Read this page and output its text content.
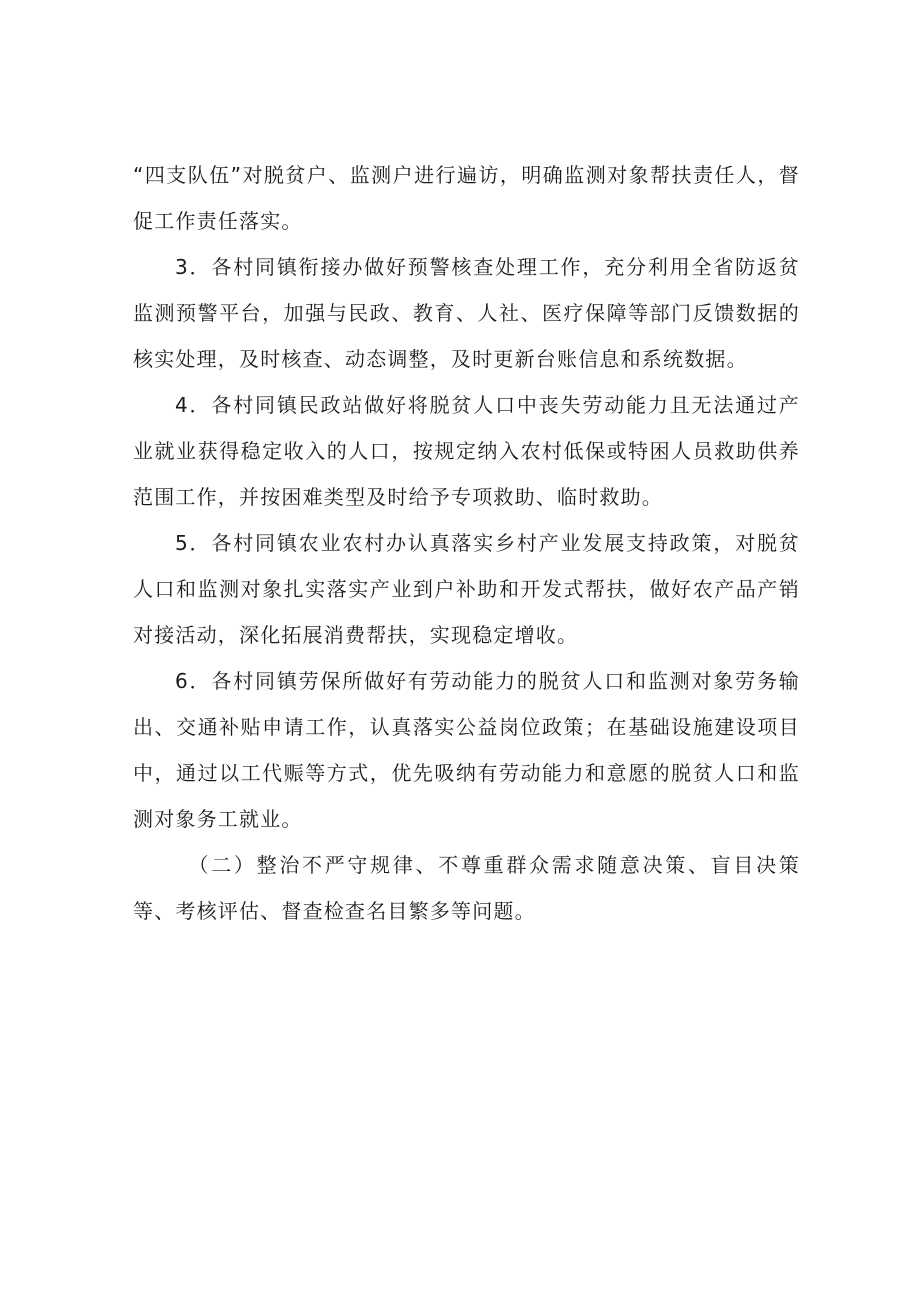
“四支队伍”对脱贫户、监测户进行遍访，明确监测对象帮扶责任人，督促工作责任落实。

3．各村同镇衔接办做好预警核查处理工作，充分利用全省防返贫监测预警平台，加强与民政、教育、人社、医疗保障等部门反馈数据的核实处理，及时核查、动态调整，及时更新台账信息和系统数据。

4．各村同镇民政站做好将脱贫人口中丧失劳动能力且无法通过产业就业获得稳定收入的人口，按规定纳入农村低保或特困人员救助供养范围工作，并按困难类型及时给予专项救助、临时救助。

5．各村同镇农业农村办认真落实乡村产业发展支持政策，对脱贫人口和监测对象扎实落实产业到户补助和开发式帮扶，做好农产品产销对接活动，深化拓展消费帮扶，实现稳定增收。

6．各村同镇劳保所做好有劳动能力的脱贫人口和监测对象劳务输出、交通补贴申请工作，认真落实公益岗位政策；在基础设施建设项目中，通过以工代赈等方式，优先吸纳有劳动能力和意愿的脱贫人口和监测对象务工就业。

（二）整治不严守规律、不尊重群众需求随意决策、盲目决策等、考核评估、督查检查名目繁多等问题。
